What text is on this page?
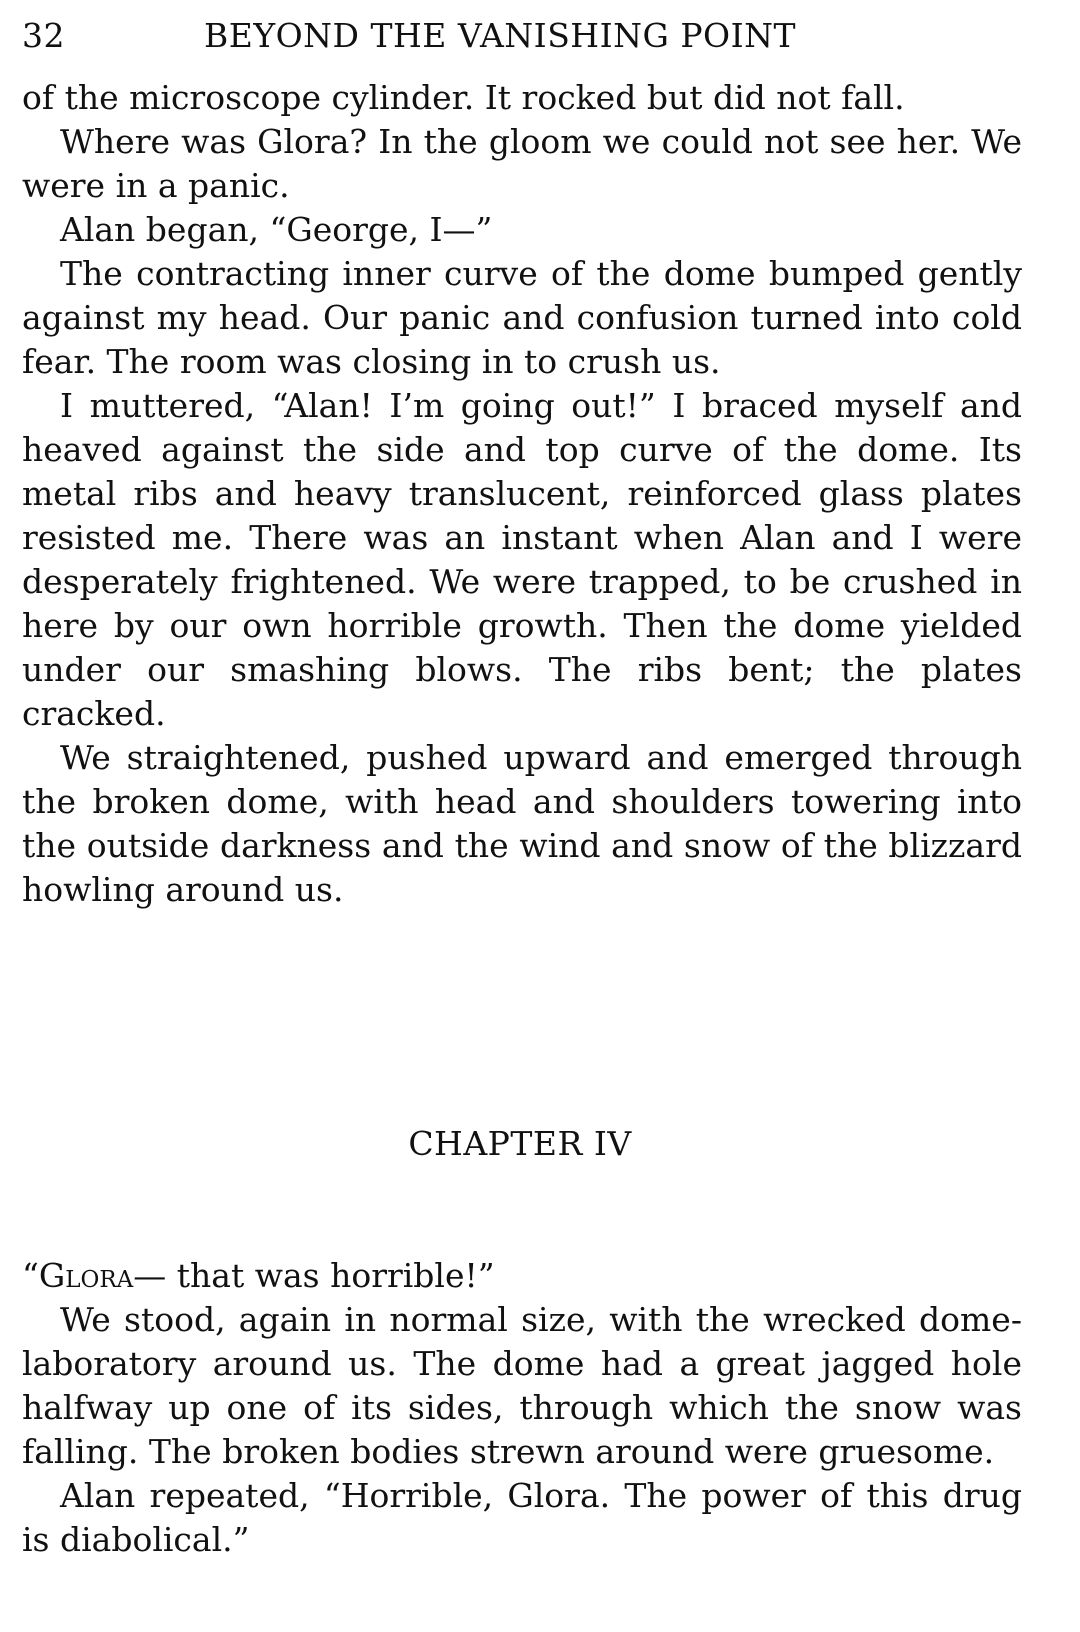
32	BEYOND THE VANISHING POINT

of the microscope cylinder. It rocked but did not fall.

Where was Glora? In the gloom we could not see her. We were in a panic.

Alan began, “George, I—”

The contracting inner curve of the dome bumped gently against my head. Our panic and confusion turned into cold fear. The room was closing in to crush us.

I muttered, “Alan! I’m going out!” I braced myself and heaved against the side and top curve of the dome. Its metal ribs and heavy translucent, reinforced glass plates resisted me. There was an instant when Alan and I were desperately frightened. We were trapped, to be crushed in here by our own horrible growth. Then the dome yielded under our smashing blows. The ribs bent; the plates cracked.

We straightened, pushed upward and emerged through the broken dome, with head and shoulders towering into the outside darkness and the wind and snow of the blizzard howling around us.

CHAPTER IV

“Glora— that was horrible!”

We stood, again in normal size, with the wrecked dome-laboratory around us. The dome had a great jagged hole halfway up one of its sides, through which the snow was falling. The broken bodies strewn around were gruesome.

Alan repeated, “Horrible, Glora. The power of this drug is diabolical.”
